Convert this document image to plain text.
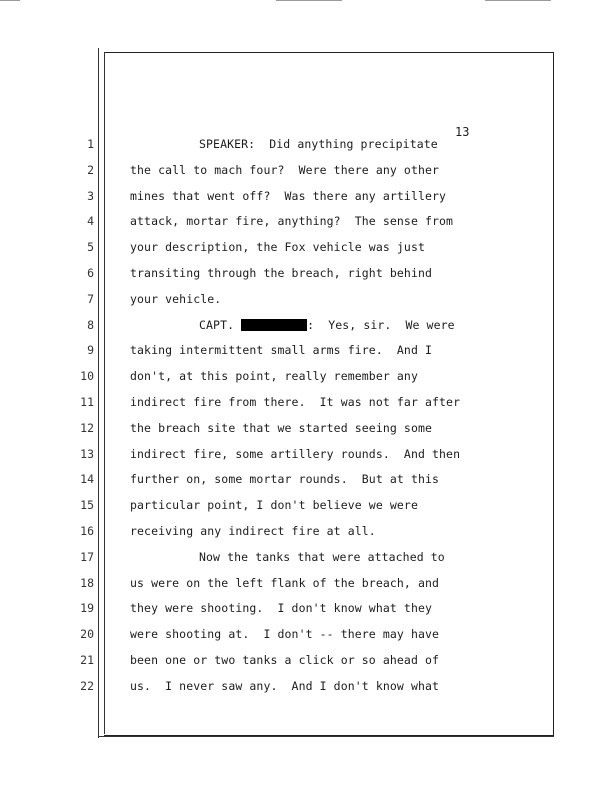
13
1	SPEAKER:  Did anything precipitate
2	the call to mach four?  Were there any other
3	mines that went off?  Was there any artillery
4	attack, mortar fire, anything?  The sense from
5	your description, the Fox vehicle was just
6	transiting through the breach, right behind
7	your vehicle.
8	CAPT.	:  Yes, sir.  We were
9	taking intermittent small arms fire.  And I
10	don't, at this point, really remember any
11	indirect fire from there.  It was not far after
12	the breach site that we started seeing some
13	indirect fire, some artillery rounds.  And then
14	further on, some mortar rounds.  But at this
15	particular point, I don't believe we were
16	receiving any indirect fire at all.
17	Now the tanks that were attached to
18	us were on the left flank of the breach, and
19	they were shooting.  I don't know what they
20	were shooting at.  I don't -- there may have
21	been one or two tanks a click or so ahead of
22	us.  I never saw any.  And I don't know what
